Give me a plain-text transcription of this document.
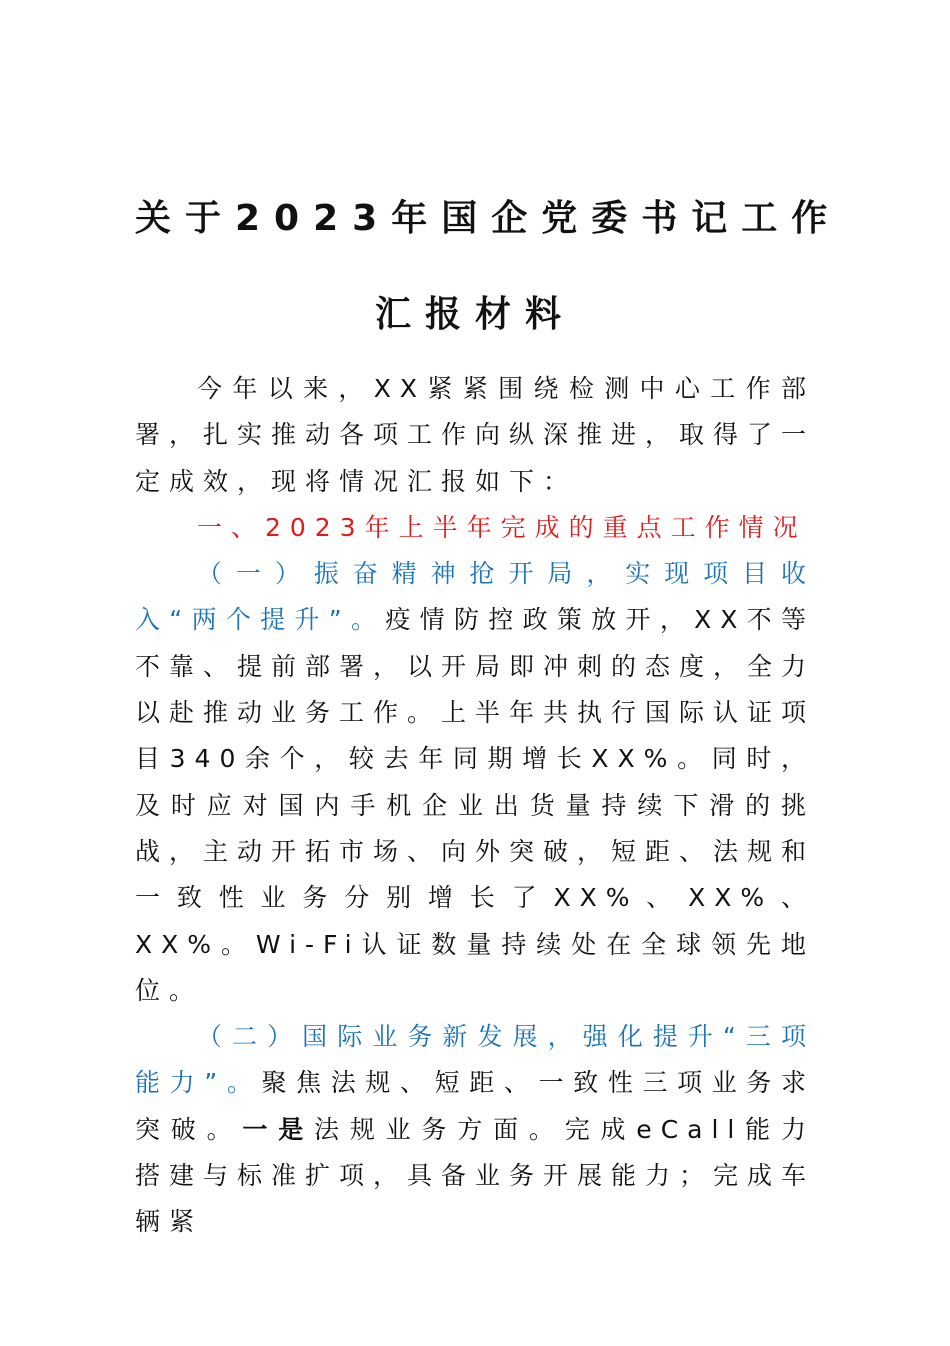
关于2023年国企党委书记工作
汇报材料

今年以来，XX紧紧围绕检测中心工作部署，扎实推动各项工作向纵深推进，取得了一定成效，现将情况汇报如下：

一、2023年上半年完成的重点工作情况

（一）振奋精神抢开局，实现项目收入“两个提升”。疫情防控政策放开，XX不等不靠、提前部署，以开局即冲刺的态度，全力以赴推动业务工作。上半年共执行国际认证项目340余个，较去年同期增长XX%。同时，及时应对国内手机企业出货量持续下滑的挑战，主动开拓市场、向外突破，短距、法规和一致性业务分别增长了XX%、XX%、XX%。Wi-Fi认证数量持续处在全球领先地位。

（二）国际业务新发展，强化提升“三项能力”。聚焦法规、短距、一致性三项业务求突破。一是法规业务方面。完成eCall能力搭建与标准扩项，具备业务开展能力；完成车辆紧
